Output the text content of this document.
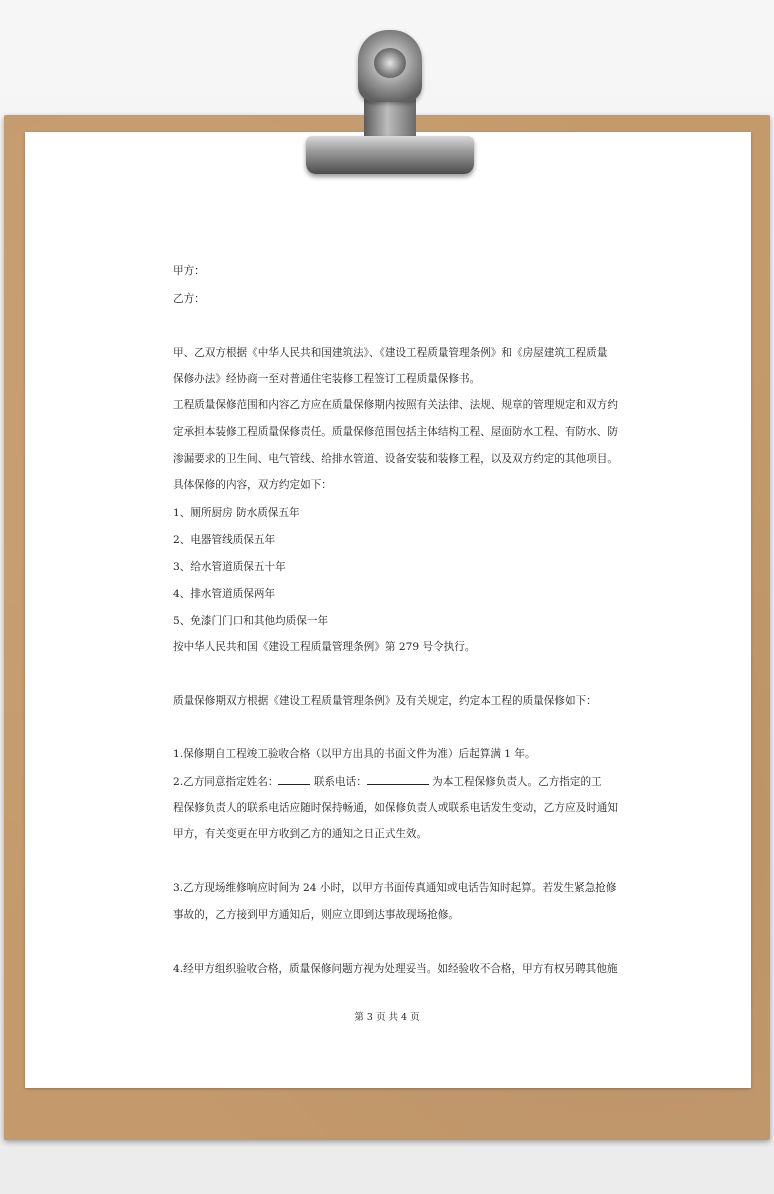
甲方：
乙方：
甲、乙双方根据《中华人民共和国建筑法》、《建设工程质量管理条例》和《房屋建筑工程质量
保修办法》经协商一至对普通住宅装修工程签订工程质量保修书。
工程质量保修范围和内容乙方应在质量保修期内按照有关法律、法规、规章的管理规定和双方约
定承担本装修工程质量保修责任。质量保修范围包括主体结构工程、屋面防水工程、有防水、防
渗漏要求的卫生间、电气管线、给排水管道、设备安装和装修工程，以及双方约定的其他项目。
具体保修的内容，双方约定如下：
1、厕所厨房 防水质保五年
2、电器管线质保五年
3、给水管道质保五十年
4、排水管道质保两年
5、免漆门门口和其他均质保一年
按中华人民共和国《建设工程质量管理条例》第 279 号令执行。
质量保修期双方根据《建设工程质量管理条例》及有关规定，约定本工程的质量保修如下：
1.保修期自工程竣工验收合格（以甲方出具的书面文件为准）后起算满 1 年。
2.乙方同意指定姓名：	联系电话：	为本工程保修负责人。乙方指定的工
程保修负责人的联系电话应随时保持畅通，如保修负责人或联系电话发生变动，乙方应及时通知
甲方，有关变更在甲方收到乙方的通知之日正式生效。
3.乙方现场维修响应时间为 24 小时，以甲方书面传真通知或电话告知时起算。若发生紧急抢修
事故的，乙方接到甲方通知后，则应立即到达事故现场抢修。
4.经甲方组织验收合格，质量保修问题方视为处理妥当。如经验收不合格，甲方有权另聘其他施
第 3 页 共 4 页
